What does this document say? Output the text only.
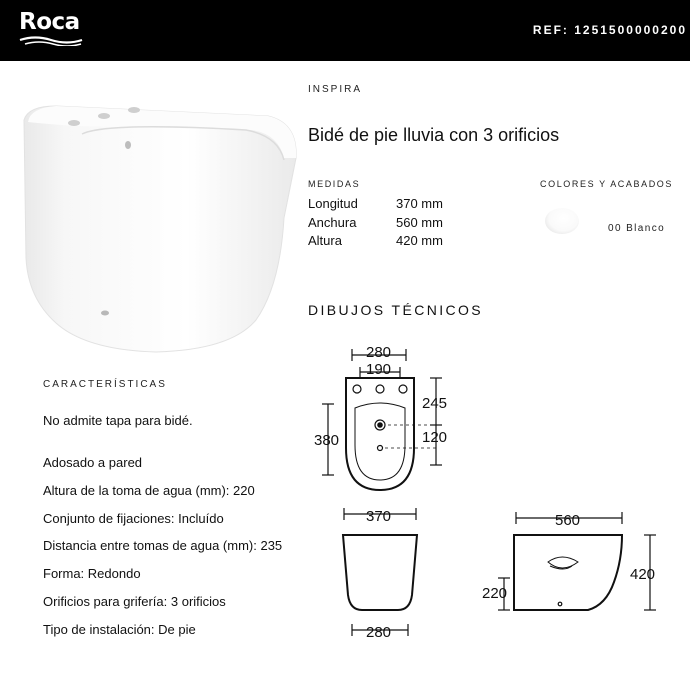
Roca	REF: 1251500000200
INSPIRA
Bidé de pie lluvia con 3 orificios
MEDIDAS
Longitud	370 mm
Anchura	560 mm
Altura	420 mm
COLORES Y ACABADOS
00 Blanco
DIBUJOS TÉCNICOS
280
190
380
245
120
370
280
560
420
220
CARACTERÍSTICAS
No admite tapa para bidé.
Adosado a pared
Altura de la toma de agua (mm): 220
Conjunto de fijaciones: Incluído
Distancia entre tomas de agua (mm): 235
Forma: Redondo
Orificios para grifería: 3 orificios
Tipo de instalación: De pie
